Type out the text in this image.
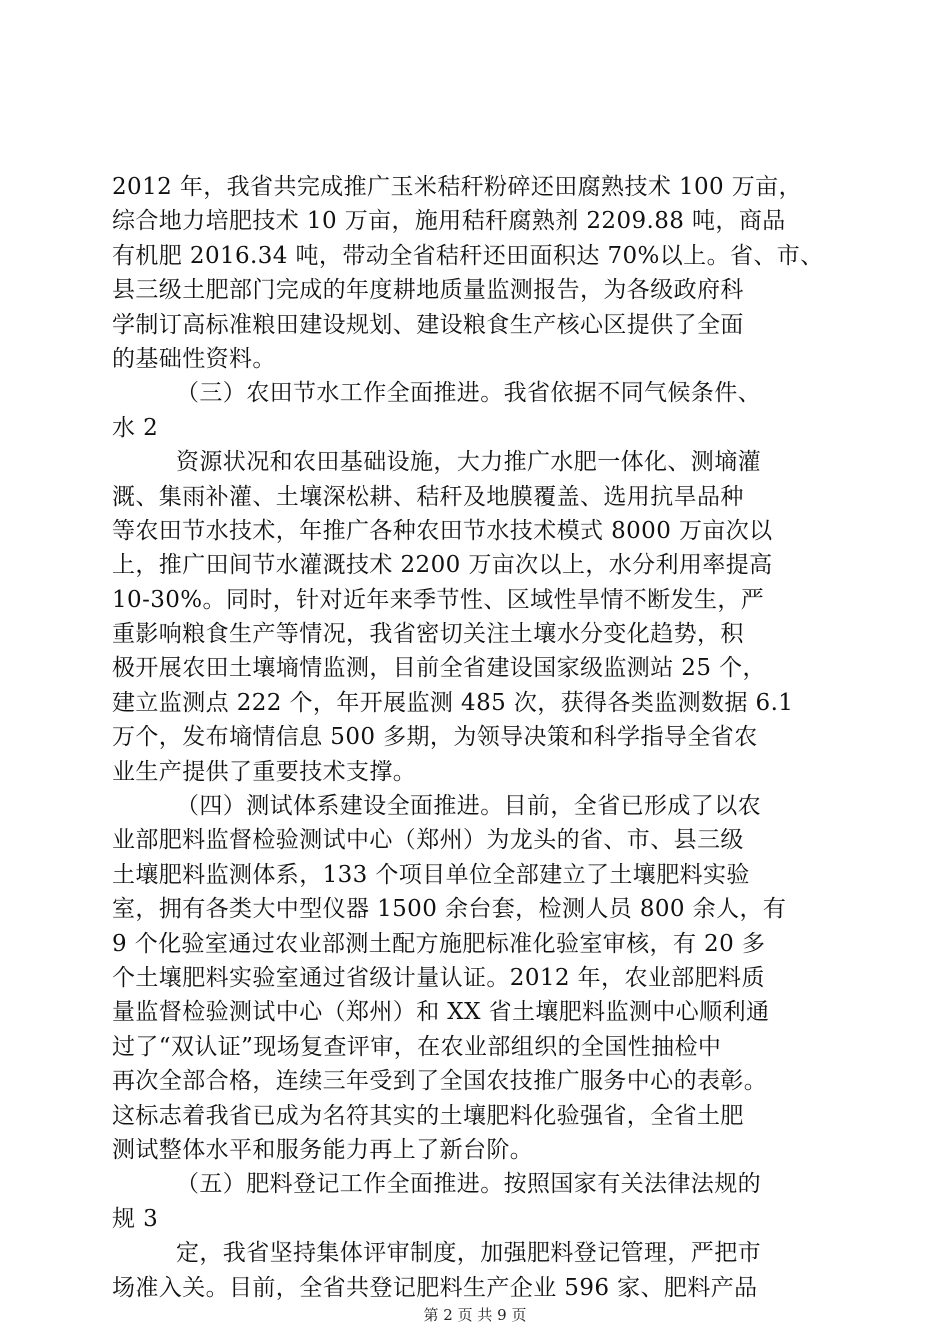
2012 年，我省共完成推广玉米秸秆粉碎还田腐熟技术 100 万亩，
综合地力培肥技术 10 万亩，施用秸秆腐熟剂 2209.88 吨，商品
有机肥 2016.34 吨，带动全省秸秆还田面积达 70%以上。省、市、
县三级土肥部门完成的年度耕地质量监测报告，为各级政府科
学制订高标准粮田建设规划、建设粮食生产核心区提供了全面
的基础性资料。
（三）农田节水工作全面推进。我省依据不同气候条件、
水 2
资源状况和农田基础设施，大力推广水肥一体化、测墒灌
溉、集雨补灌、土壤深松耕、秸秆及地膜覆盖、选用抗旱品种
等农田节水技术，年推广各种农田节水技术模式 8000 万亩次以
上，推广田间节水灌溉技术 2200 万亩次以上，水分利用率提高
10-30%。同时，针对近年来季节性、区域性旱情不断发生，严
重影响粮食生产等情况，我省密切关注土壤水分变化趋势，积
极开展农田土壤墒情监测，目前全省建设国家级监测站 25 个，
建立监测点 222 个，年开展监测 485 次，获得各类监测数据 6.1
万个，发布墒情信息 500 多期，为领导决策和科学指导全省农
业生产提供了重要技术支撑。
（四）测试体系建设全面推进。目前，全省已形成了以农
业部肥料监督检验测试中心（郑州）为龙头的省、市、县三级
土壤肥料监测体系，133 个项目单位全部建立了土壤肥料实验
室，拥有各类大中型仪器 1500 余台套，检测人员 800 余人，有
9 个化验室通过农业部测土配方施肥标准化验室审核，有 20 多
个土壤肥料实验室通过省级计量认证。2012 年，农业部肥料质
量监督检验测试中心（郑州）和 XX 省土壤肥料监测中心顺利通
过了“双认证”现场复查评审，在农业部组织的全国性抽检中
再次全部合格，连续三年受到了全国农技推广服务中心的表彰。
这标志着我省已成为名符其实的土壤肥料化验强省，全省土肥
测试整体水平和服务能力再上了新台阶。
（五）肥料登记工作全面推进。按照国家有关法律法规的
规 3
定，我省坚持集体评审制度，加强肥料登记管理，严把市
场准入关。目前，全省共登记肥料生产企业 596 家、肥料产品
第 2 页 共 9 页
